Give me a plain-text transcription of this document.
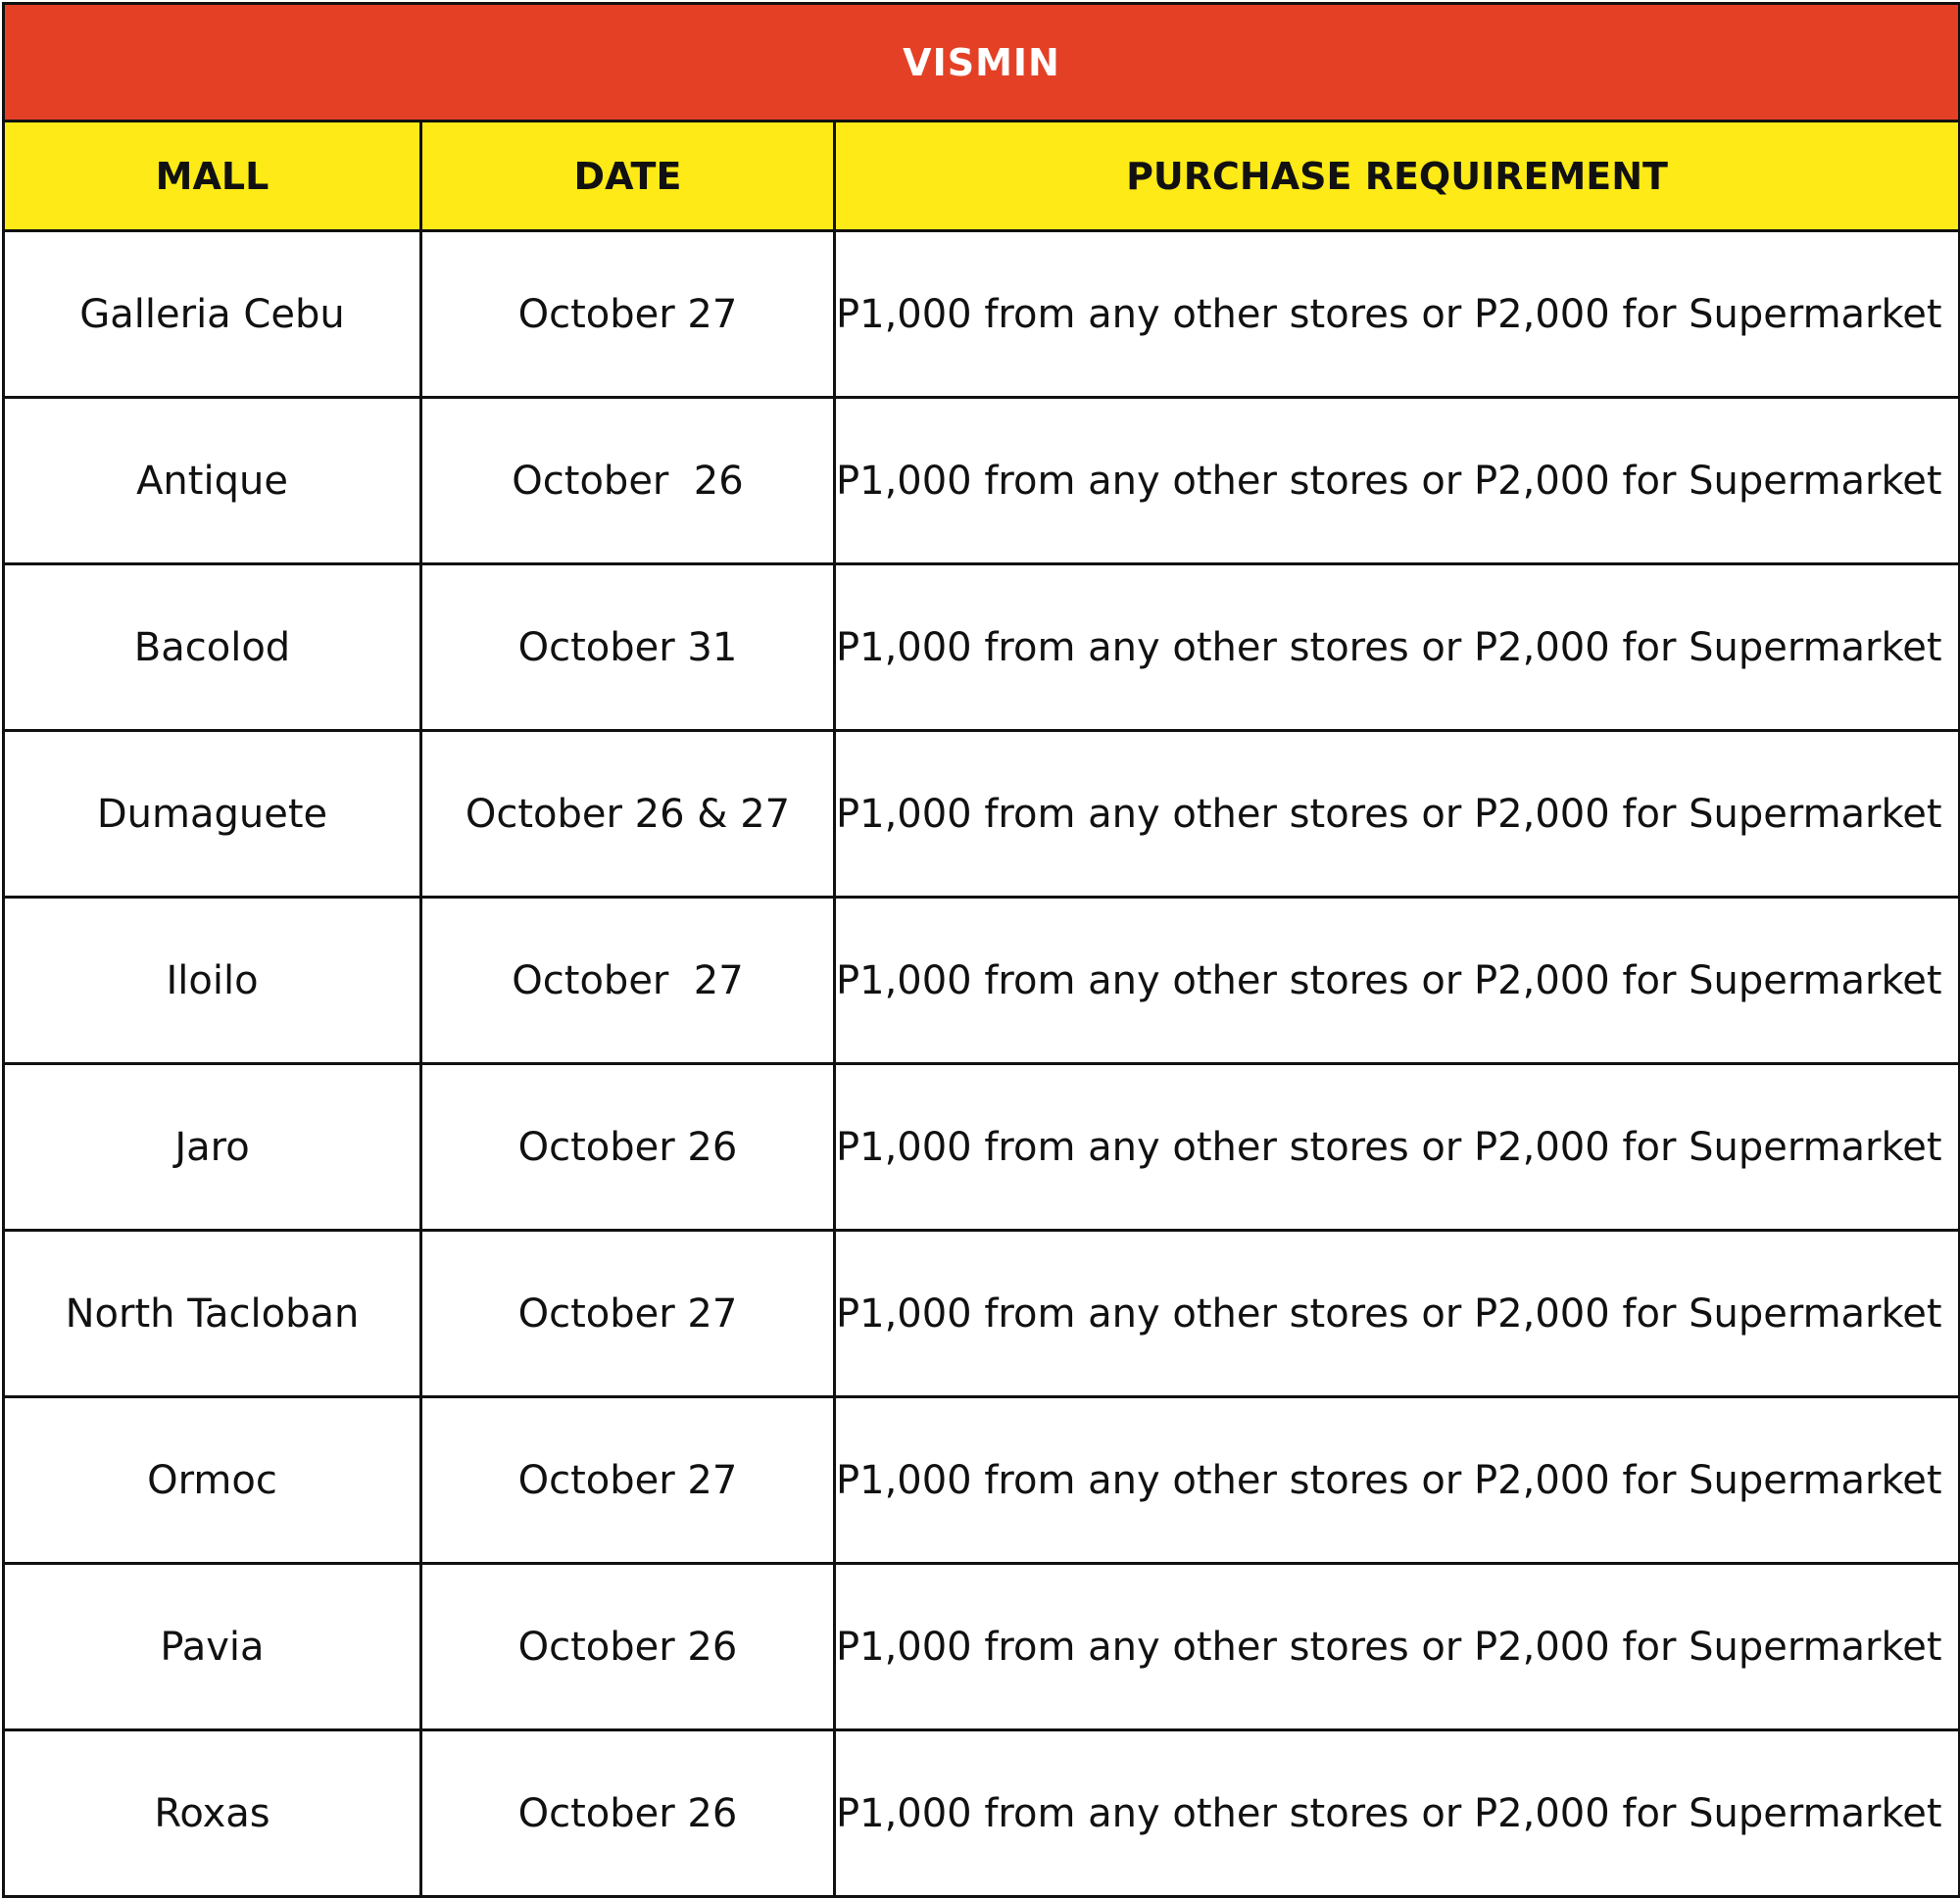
VISMIN		
MALL	DATE	PURCHASE REQUIREMENT
Galleria Cebu	October 27	P1,000 from any other stores or P2,000 for Supermarket
Antique	October  26	P1,000 from any other stores or P2,000 for Supermarket
Bacolod	October 31	P1,000 from any other stores or P2,000 for Supermarket
Dumaguete	October 26 & 27	P1,000 from any other stores or P2,000 for Supermarket
Iloilo	October  27	P1,000 from any other stores or P2,000 for Supermarket
Jaro	October 26	P1,000 from any other stores or P2,000 for Supermarket
North Tacloban	October 27	P1,000 from any other stores or P2,000 for Supermarket
Ormoc	October 27	P1,000 from any other stores or P2,000 for Supermarket
Pavia	October 26	P1,000 from any other stores or P2,000 for Supermarket
Roxas	October 26	P1,000 from any other stores or P2,000 for Supermarket
